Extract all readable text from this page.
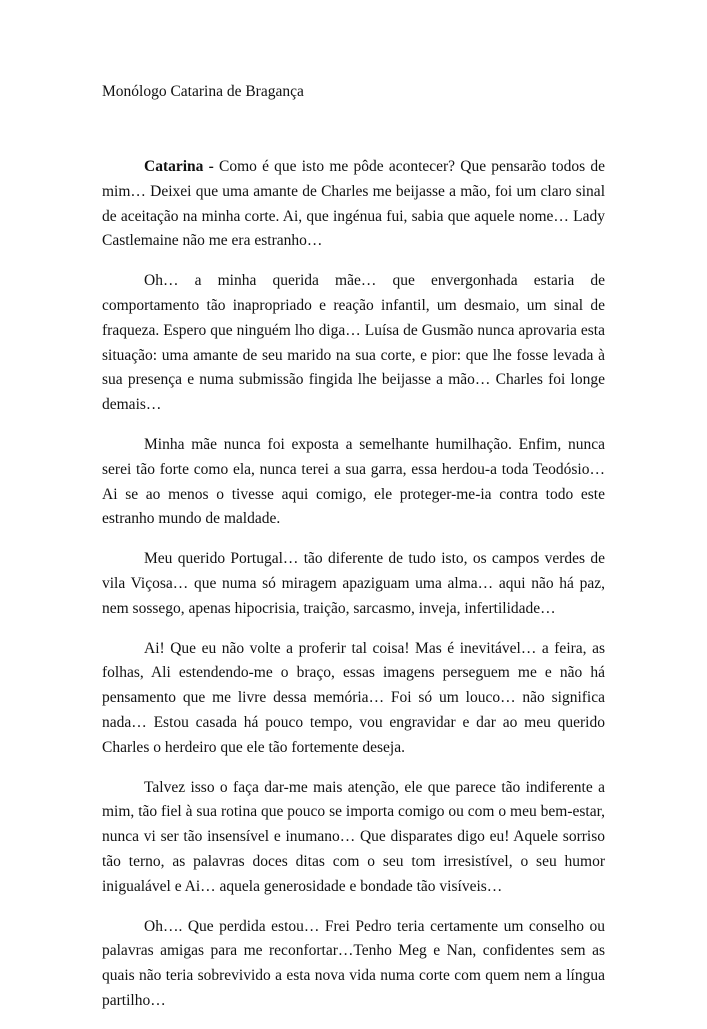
Monólogo Catarina de Bragança

Catarina - Como é que isto me pôde acontecer? Que pensarão todos de mim… Deixei que uma amante de Charles me beijasse a mão, foi um claro sinal de aceitação na minha corte. Ai, que ingénua fui, sabia que aquele nome… Lady Castlemaine não me era estranho…

Oh… a minha querida mãe… que envergonhada estaria de comportamento tão inapropriado e reação infantil, um desmaio, um sinal de fraqueza. Espero que ninguém lho diga… Luísa de Gusmão nunca aprovaria esta situação: uma amante de seu marido na sua corte, e pior: que lhe fosse levada à sua presença e numa submissão fingida lhe beijasse a mão… Charles foi longe demais…

Minha mãe nunca foi exposta a semelhante humilhação. Enfim, nunca serei tão forte como ela, nunca terei a sua garra, essa herdou-a toda Teodósio… Ai se ao menos o tivesse aqui comigo, ele proteger-me-ia contra todo este estranho mundo de maldade.

Meu querido Portugal… tão diferente de tudo isto, os campos verdes de vila Viçosa… que numa só miragem apaziguam uma alma… aqui não há paz, nem sossego, apenas hipocrisia, traição, sarcasmo, inveja, infertilidade…

Ai! Que eu não volte a proferir tal coisa! Mas é inevitável… a feira, as folhas, Ali estendendo-me o braço, essas imagens perseguem me e não há pensamento que me livre dessa memória… Foi só um louco… não significa nada… Estou casada há pouco tempo, vou engravidar e dar ao meu querido Charles o herdeiro que ele tão fortemente deseja.

Talvez isso o faça dar-me mais atenção, ele que parece tão indiferente a mim, tão fiel à sua rotina que pouco se importa comigo ou com o meu bem-estar, nunca vi ser tão insensível e inumano… Que disparates digo eu! Aquele sorriso tão terno, as palavras doces ditas com o seu tom irresistível, o seu humor inigualável e Ai… aquela generosidade e bondade tão visíveis…

Oh…. Que perdida estou… Frei Pedro teria certamente um conselho ou palavras amigas para me reconfortar…Tenho Meg e Nan, confidentes sem as quais não teria sobrevivido a esta nova vida numa corte com quem nem a língua partilho…
